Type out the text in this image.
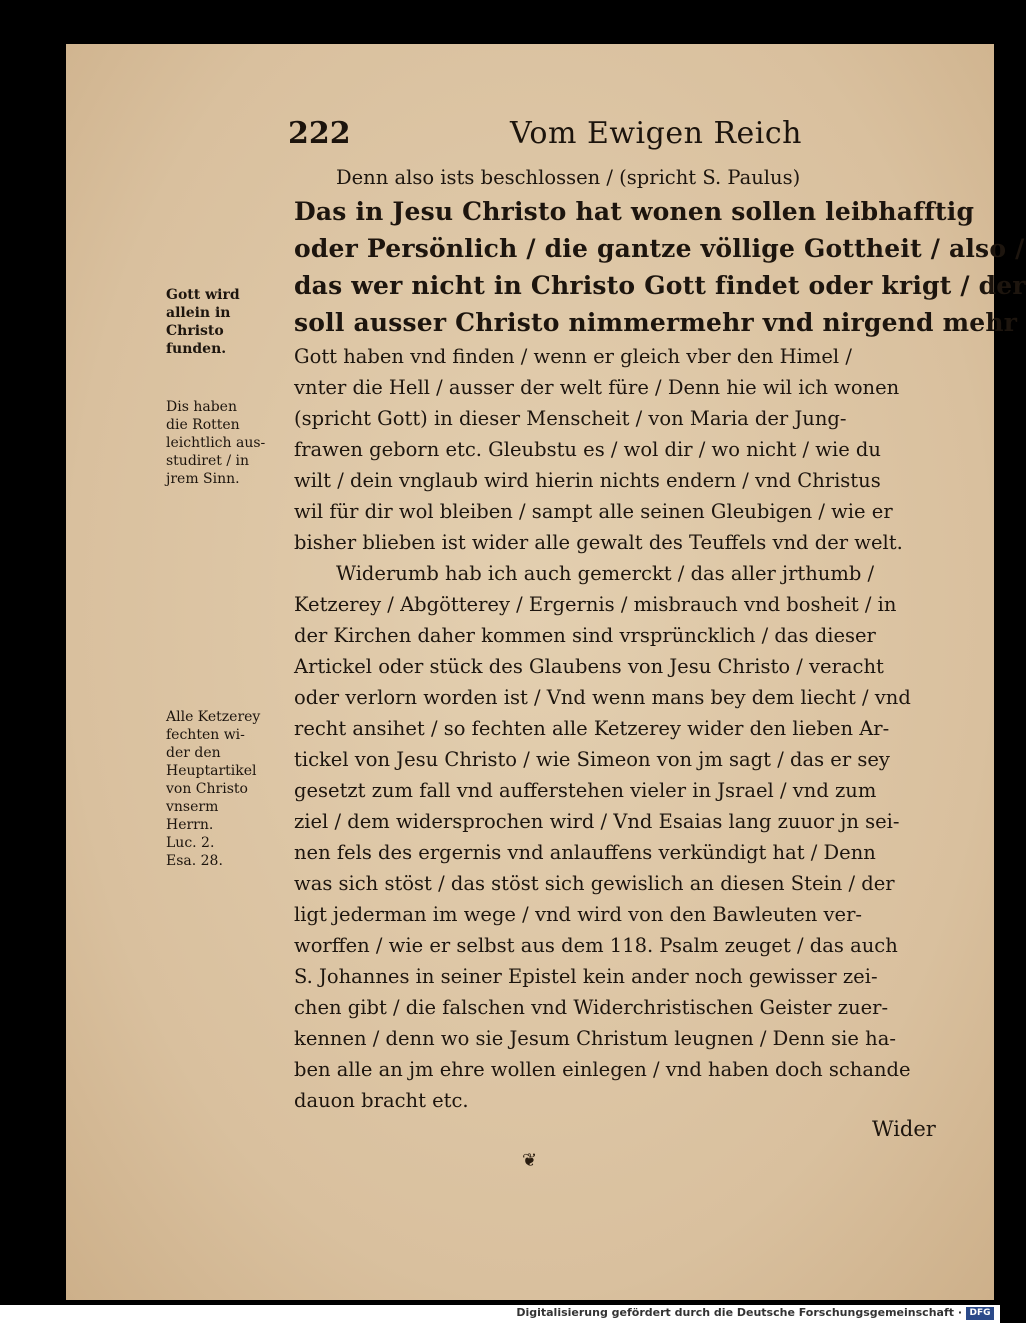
222	Vom Ewigen Reich
Denn also ists beschlossen / (spricht S. Paulus)
Das in Jesu Christo hat wonen sollen leibhafftig
oder Persönlich / die gantze völlige Gottheit / also /
das wer nicht in Christo Gott findet oder krigt / der
soll ausser Christo nimmermehr vnd nirgend mehr
Gott haben vnd finden / wenn er gleich vber den Himel /
vnter die Hell / ausser der welt füre / Denn hie wil ich wonen
(spricht Gott) in dieser Menscheit / von Maria der Jung-
frawen geborn etc. Gleubstu es / wol dir / wo nicht / wie du
wilt / dein vnglaub wird hierin nichts endern / vnd Christus
wil für dir wol bleiben / sampt alle seinen Gleubigen / wie er
bisher blieben ist wider alle gewalt des Teuffels vnd der welt.
Widerumb hab ich auch gemerckt / das aller jrthumb /
Ketzerey / Abgötterey / Ergernis / misbrauch vnd bosheit / in
der Kirchen daher kommen sind vrsprüncklich / das dieser
Artickel oder stück des Glaubens von Jesu Christo / veracht
oder verlorn worden ist / Vnd wenn mans bey dem liecht / vnd
recht ansihet / so fechten alle Ketzerey wider den lieben Ar-
tickel von Jesu Christo / wie Simeon von jm sagt / das er sey
gesetzt zum fall vnd aufferstehen vieler in Jsrael / vnd zum
ziel / dem widersprochen wird / Vnd Esaias lang zuuor jn sei-
nen fels des ergernis vnd anlauffens verkündigt hat / Denn
was sich stöst / das stöst sich gewislich an diesen Stein / der
ligt jederman im wege / vnd wird von den Bawleuten ver-
worffen / wie er selbst aus dem 118. Psalm zeuget / das auch
S. Johannes in seiner Epistel kein ander noch gewisser zei-
chen gibt / die falschen vnd Widerchristischen Geister zuer-
kennen / denn wo sie Jesum Christum leugnen / Denn sie ha-
ben alle an jm ehre wollen einlegen / vnd haben doch schande
dauon bracht etc.
Gott wird
allein in
Christo
funden.
Dis haben
die Rotten
leichtlich aus-
studiret / in
jrem Sinn.
Alle Ketzerey
fechten wi-
der den
Heuptartikel
von Christo
vnserm
Herrn.
Luc. 2.
Esa. 28.
Wider
❦
Digitalisierung gefördert durch die Deutsche Forschungsgemeinschaft · DFG
